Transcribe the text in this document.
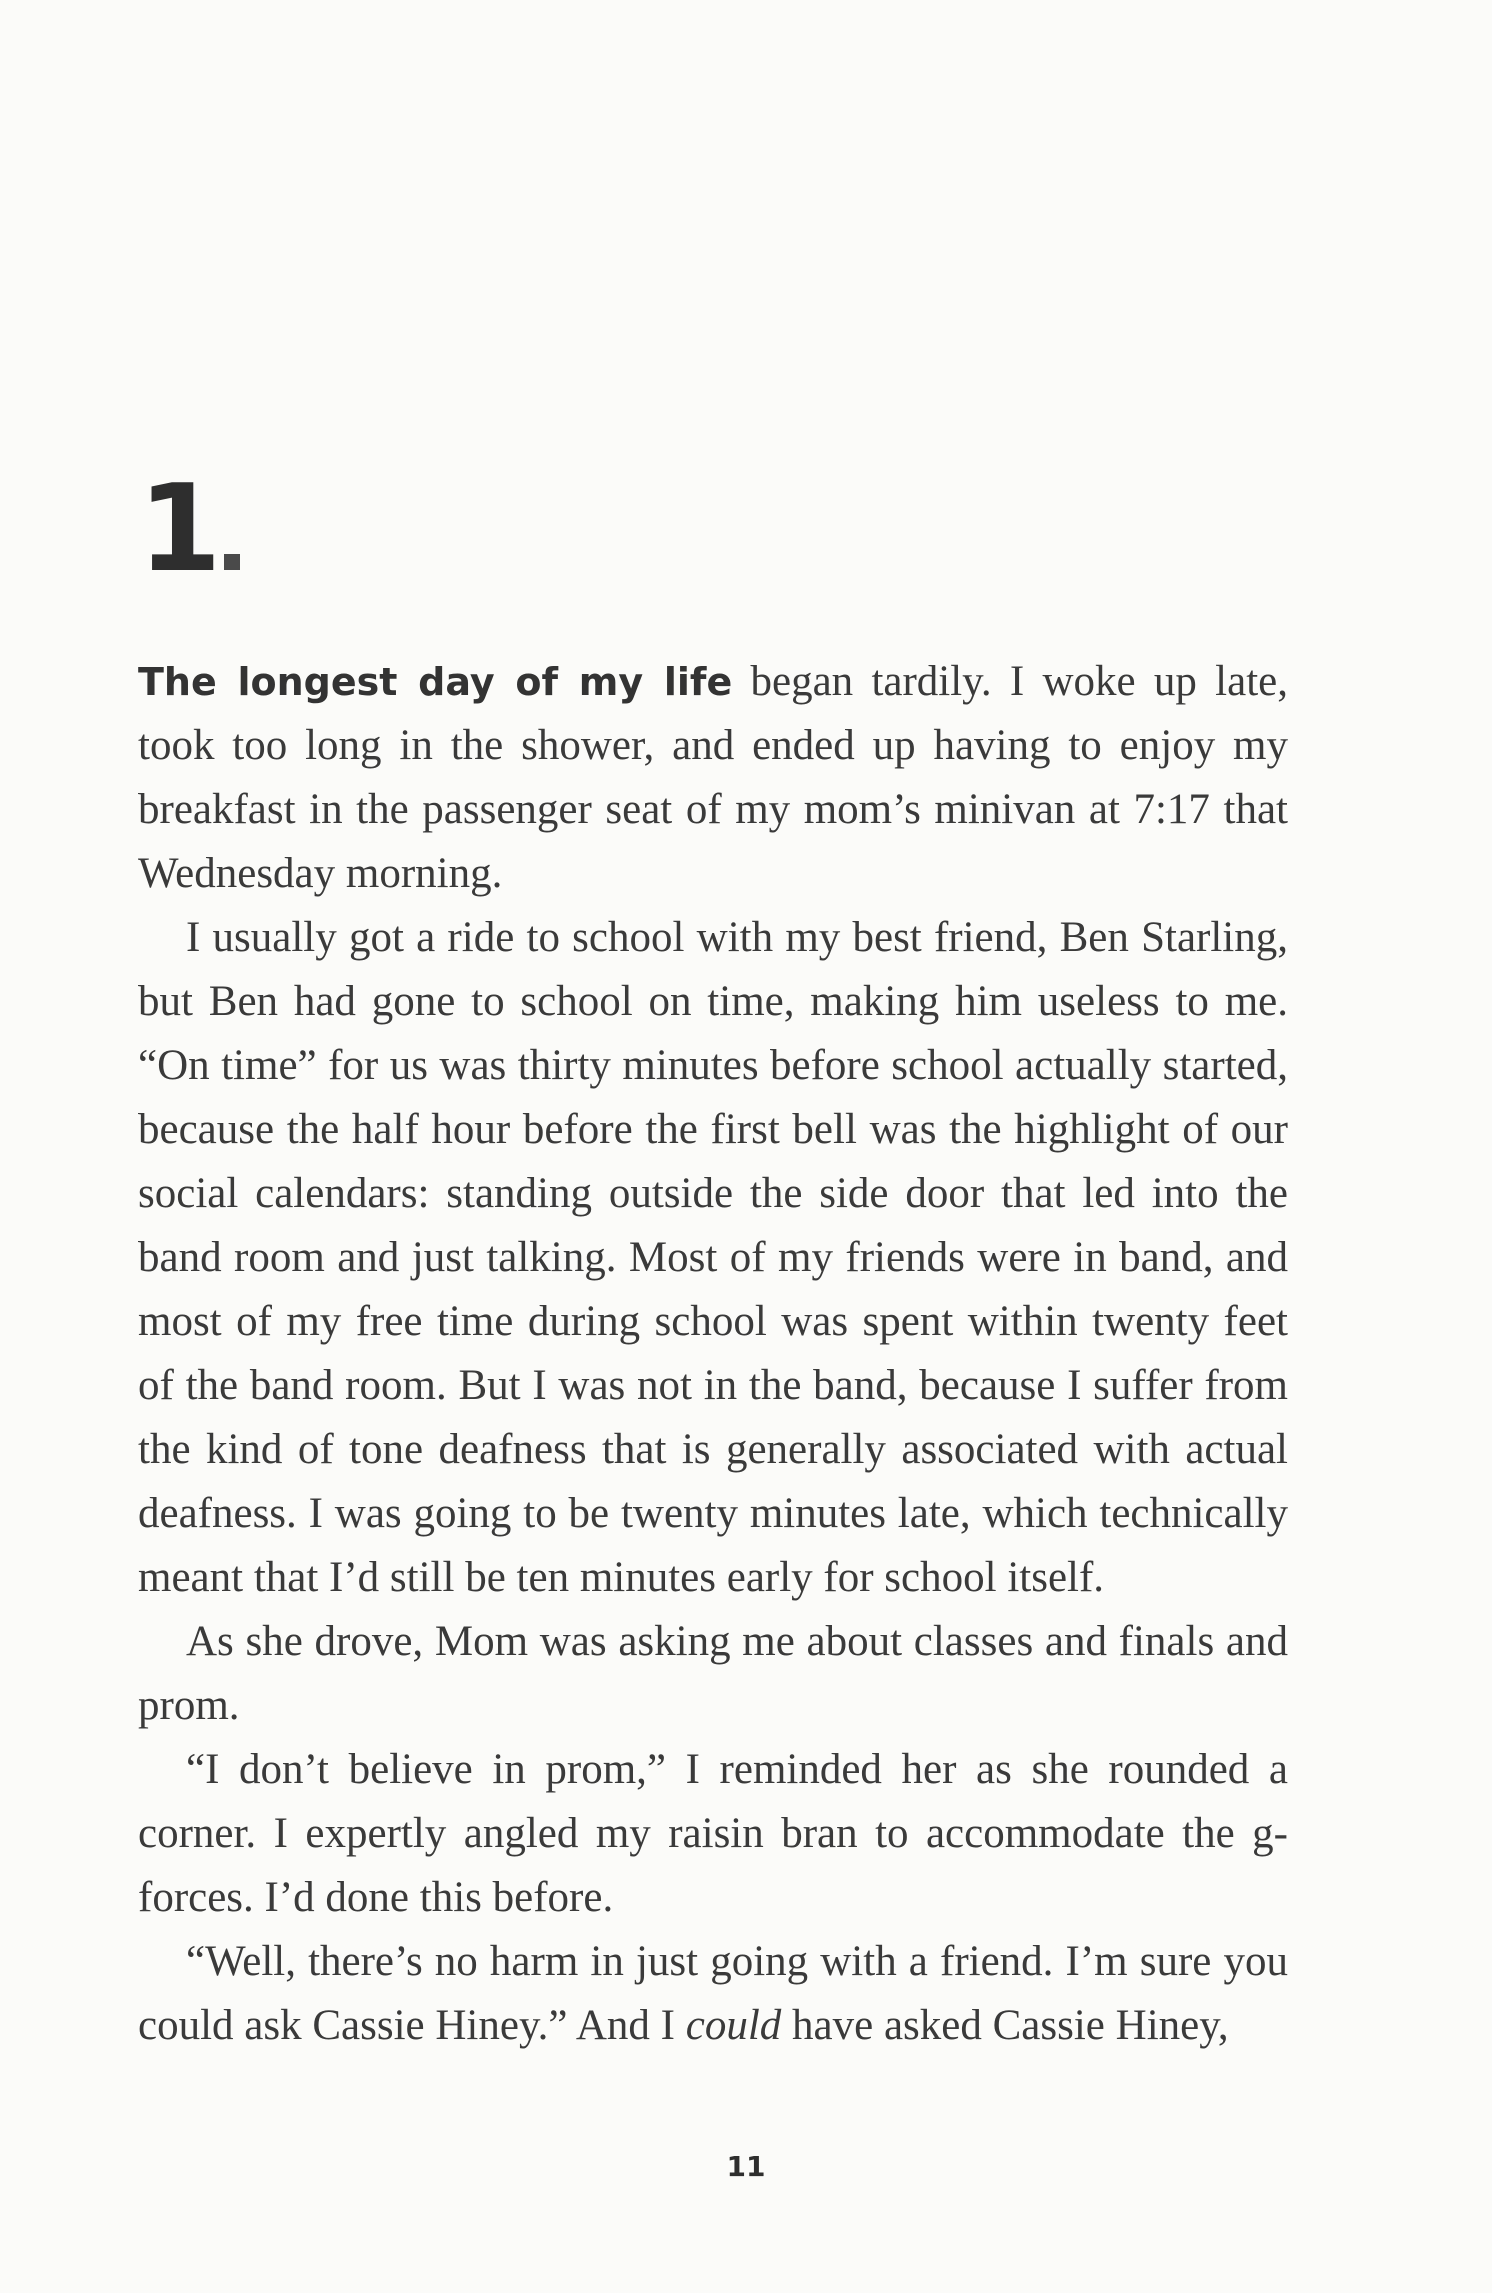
1

The longest day of my life began tardily. I woke up late, took too long in the shower, and ended up having to enjoy my breakfast in the passenger seat of my mom’s minivan at 7:17 that Wednesday morning.

I usually got a ride to school with my best friend, Ben Starling, but Ben had gone to school on time, making him useless to me. “On time” for us was thirty minutes before school actually started, because the half hour before the first bell was the highlight of our social calendars: standing outside the side door that led into the band room and just talking. Most of my friends were in band, and most of my free time during school was spent within twenty feet of the band room. But I was not in the band, because I suffer from the kind of tone deafness that is generally associated with actual deafness. I was going to be twenty minutes late, which technically meant that I’d still be ten minutes early for school itself.

As she drove, Mom was asking me about classes and finals and prom.

“I don’t believe in prom,” I reminded her as she rounded a corner. I expertly angled my raisin bran to accommodate the g-forces. I’d done this before.

“Well, there’s no harm in just going with a friend. I’m sure you could ask Cassie Hiney.” And I could have asked Cassie Hiney,

11
